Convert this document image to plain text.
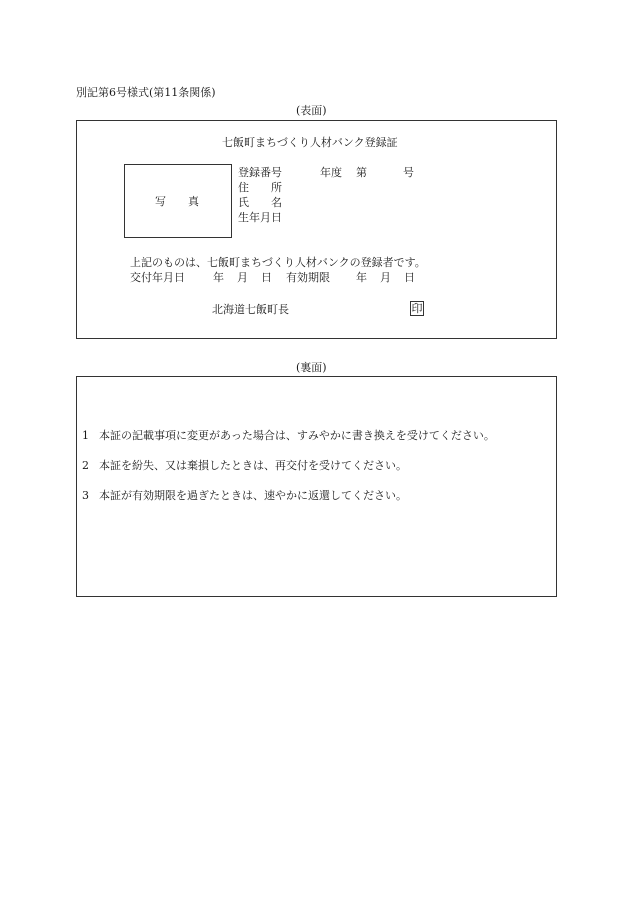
別記第6号様式(第11条関係)
(表面)
七飯町まちづくり人材バンク登録証
写　　真
登録番号	年度 第	号
住　　所
氏　　名
生年月日
上記のものは、七飯町まちづくり人材バンクの登録者です。
交付年月日	年 月 日 有効期限 年 月 日
北海道七飯町長	印
(裏面)
1 本証の記載事項に変更があった場合は、すみやかに書き換えを受けてください。
2 本証を紛失、又は棄損したときは、再交付を受けてください。
3 本証が有効期限を過ぎたときは、速やかに返還してください。
